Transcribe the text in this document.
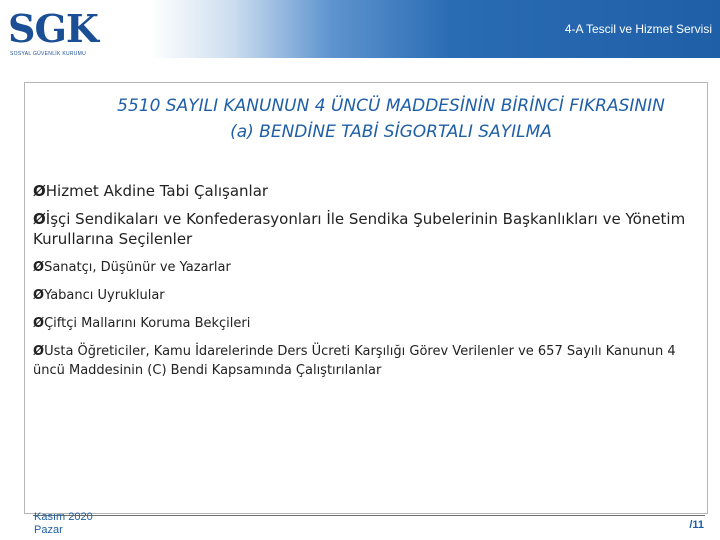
SGK
SOSYAL GÜVENLİK KURUMU
4-A Tescil ve Hizmet Servisi
5510 SAYILI KANUNUN 4 ÜNCÜ MADDESİNİN BİRİNCİ FIKRASININ
(a) BENDİNE TABİ SİGORTALI SAYILMA
ØHizmet Akdine Tabi Çalışanlar
Øİşçi Sendikaları ve Konfederasyonları İle Sendika Şubelerinin Başkanlıkları ve Yönetim Kurullarına Seçilenler
ØSanatçı, Düşünür ve Yazarlar
ØYabancı Uyruklular
ØÇiftçi Mallarını Koruma Bekçileri
ØUsta Öğreticiler, Kamu İdarelerinde Ders Ücreti Karşılığı Görev Verilenler ve 657 Sayılı Kanunun 4 üncü Maddesinin (C) Bendi Kapsamında Çalıştırılanlar
Kasım 2020
Pazar	/11
